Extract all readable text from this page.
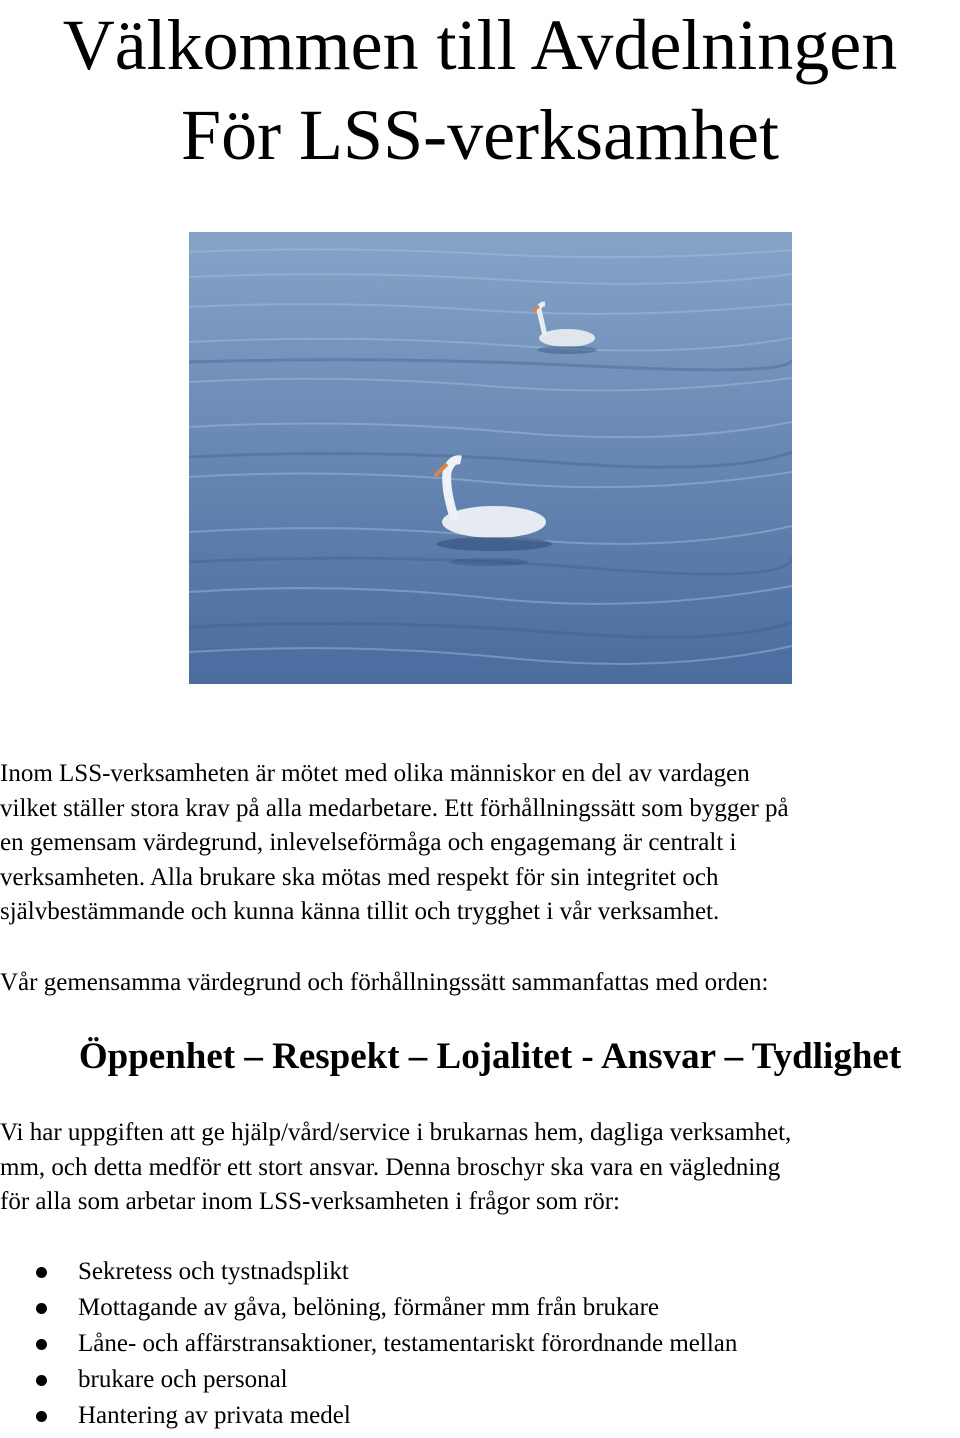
Välkommen till Avdelningen
För LSS-verksamhet

Inom LSS-verksamheten är mötet med olika människor en del av vardagen
vilket ställer stora krav på alla medarbetare. Ett förhållningssätt som bygger på
en gemensam värdegrund, inlevelseförmåga och engagemang är centralt i
verksamheten. Alla brukare ska mötas med respekt för sin integritet och
självbestämmande och kunna känna tillit och trygghet i vår verksamhet.

Vår gemensamma värdegrund och förhållningssätt sammanfattas med orden:

Öppenhet – Respekt – Lojalitet - Ansvar – Tydlighet

Vi har uppgiften att ge hjälp/vård/service i brukarnas hem, dagliga verksamhet,
mm, och detta medför ett stort ansvar. Denna broschyr ska vara en vägledning
för alla som arbetar inom LSS-verksamheten i frågor som rör:

Sekretess och tystnadsplikt
Mottagande av gåva, belöning, förmåner mm från brukare
Låne- och affärstransaktioner, testamentariskt förordnande mellan
brukare och personal
Hantering av privata medel
